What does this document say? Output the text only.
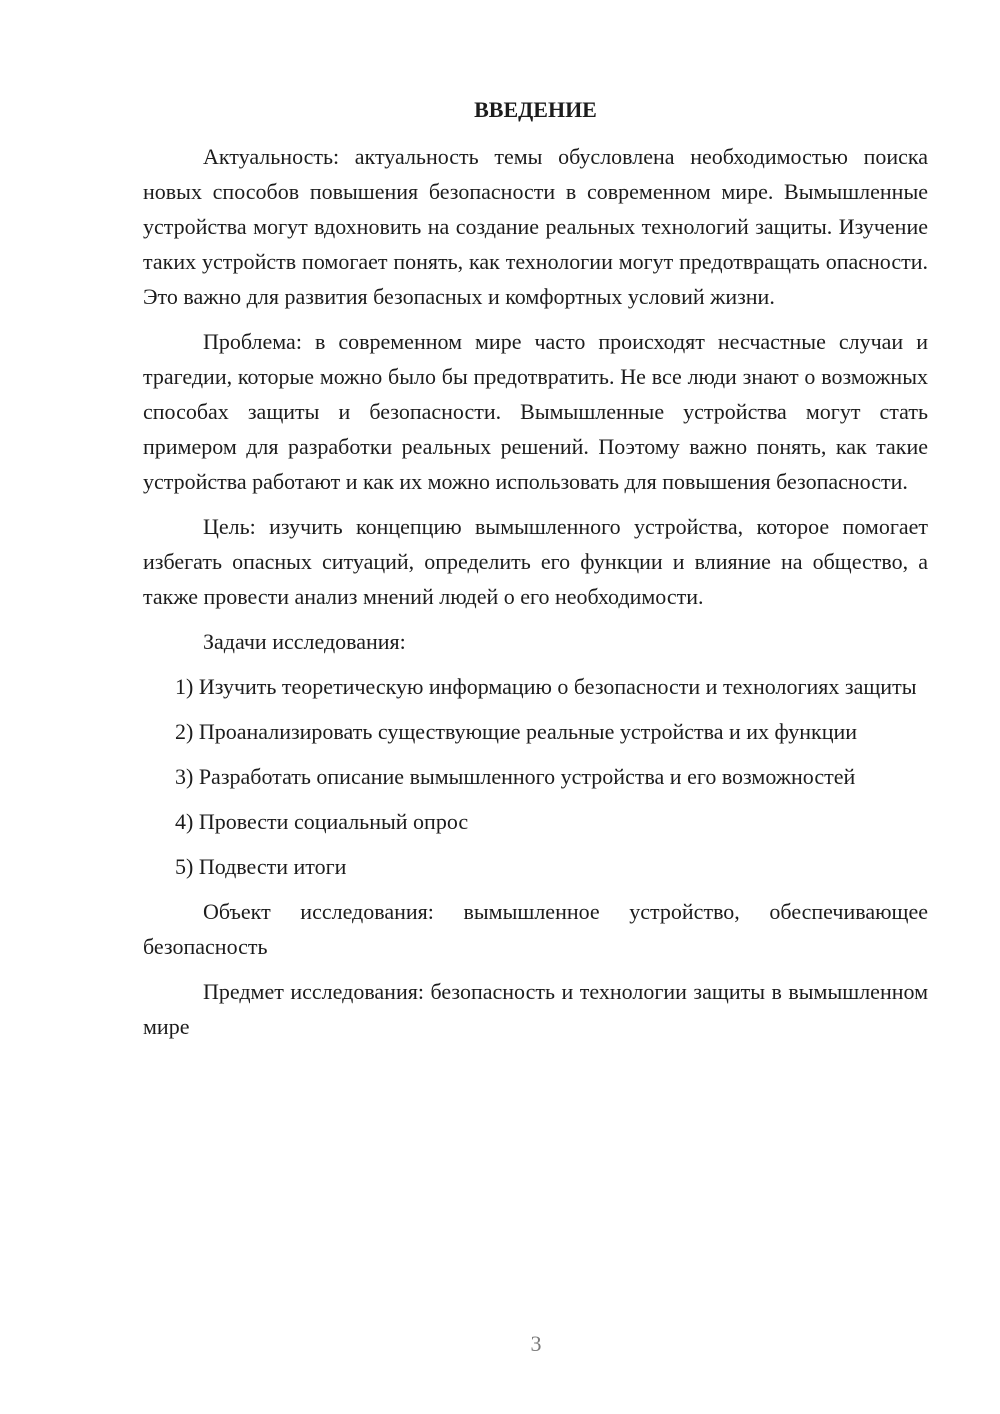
ВВЕДЕНИЕ

Актуальность: актуальность темы обусловлена необходимостью поиска новых способов повышения безопасности в современном мире. Вымышленные устройства могут вдохновить на создание реальных технологий защиты. Изучение таких устройств помогает понять, как технологии могут предотвращать опасности. Это важно для развития безопасных и комфортных условий жизни.

Проблема: в современном мире часто происходят несчастные случаи и трагедии, которые можно было бы предотвратить. Не все люди знают о возможных способах защиты и безопасности. Вымышленные устройства могут стать примером для разработки реальных решений. Поэтому важно понять, как такие устройства работают и как их можно использовать для повышения безопасности.

Цель: изучить концепцию вымышленного устройства, которое помогает избегать опасных ситуаций, определить его функции и влияние на общество, а также провести анализ мнений людей о его необходимости.

Задачи исследования:

1) Изучить теоретическую информацию о безопасности и технологиях защиты

2) Проанализировать существующие реальные устройства и их функции

3) Разработать описание вымышленного устройства и его возможностей

4) Провести социальный опрос

5) Подвести итоги

Объект исследования: вымышленное устройство, обеспечивающее безопасность

Предмет исследования: безопасность и технологии защиты в вымышленном мире

3
